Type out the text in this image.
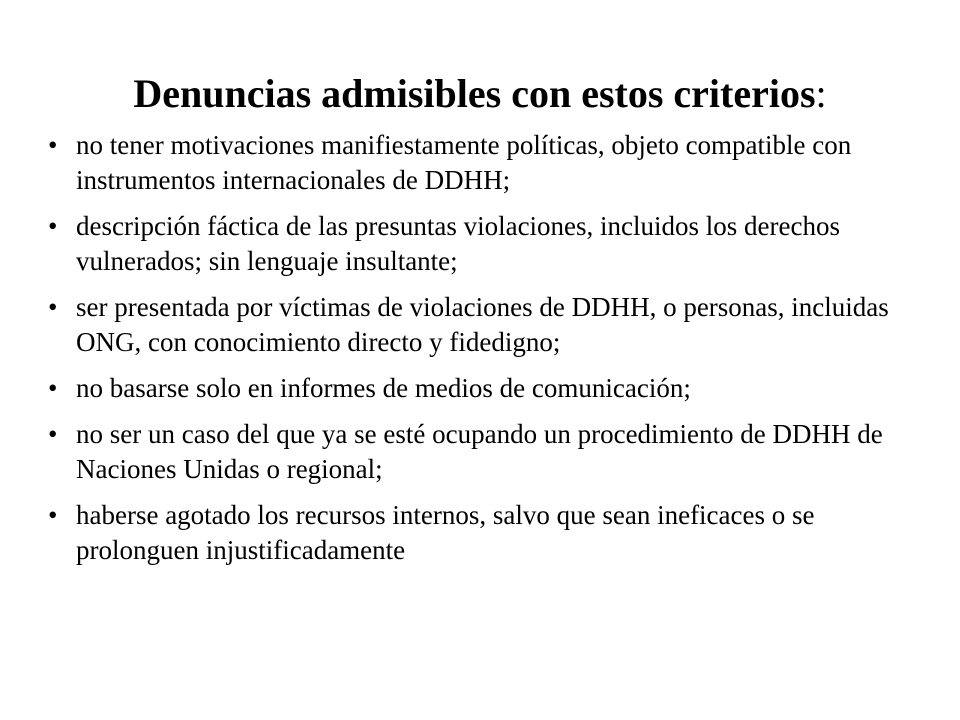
Denuncias admisibles con estos criterios:
• no tener motivaciones manifiestamente políticas, objeto compatible con instrumentos internacionales de DDHH;
• descripción fáctica de las presuntas violaciones, incluidos los derechos vulnerados; sin lenguaje insultante;
• ser presentada por víctimas de violaciones de DDHH, o personas, incluidas ONG, con conocimiento directo y fidedigno;
• no basarse solo en informes de medios de comunicación;
• no ser un caso del que ya se esté ocupando un procedimiento de DDHH de Naciones Unidas o regional;
• haberse agotado los recursos internos, salvo que sean ineficaces o se prolonguen injustificadamente
